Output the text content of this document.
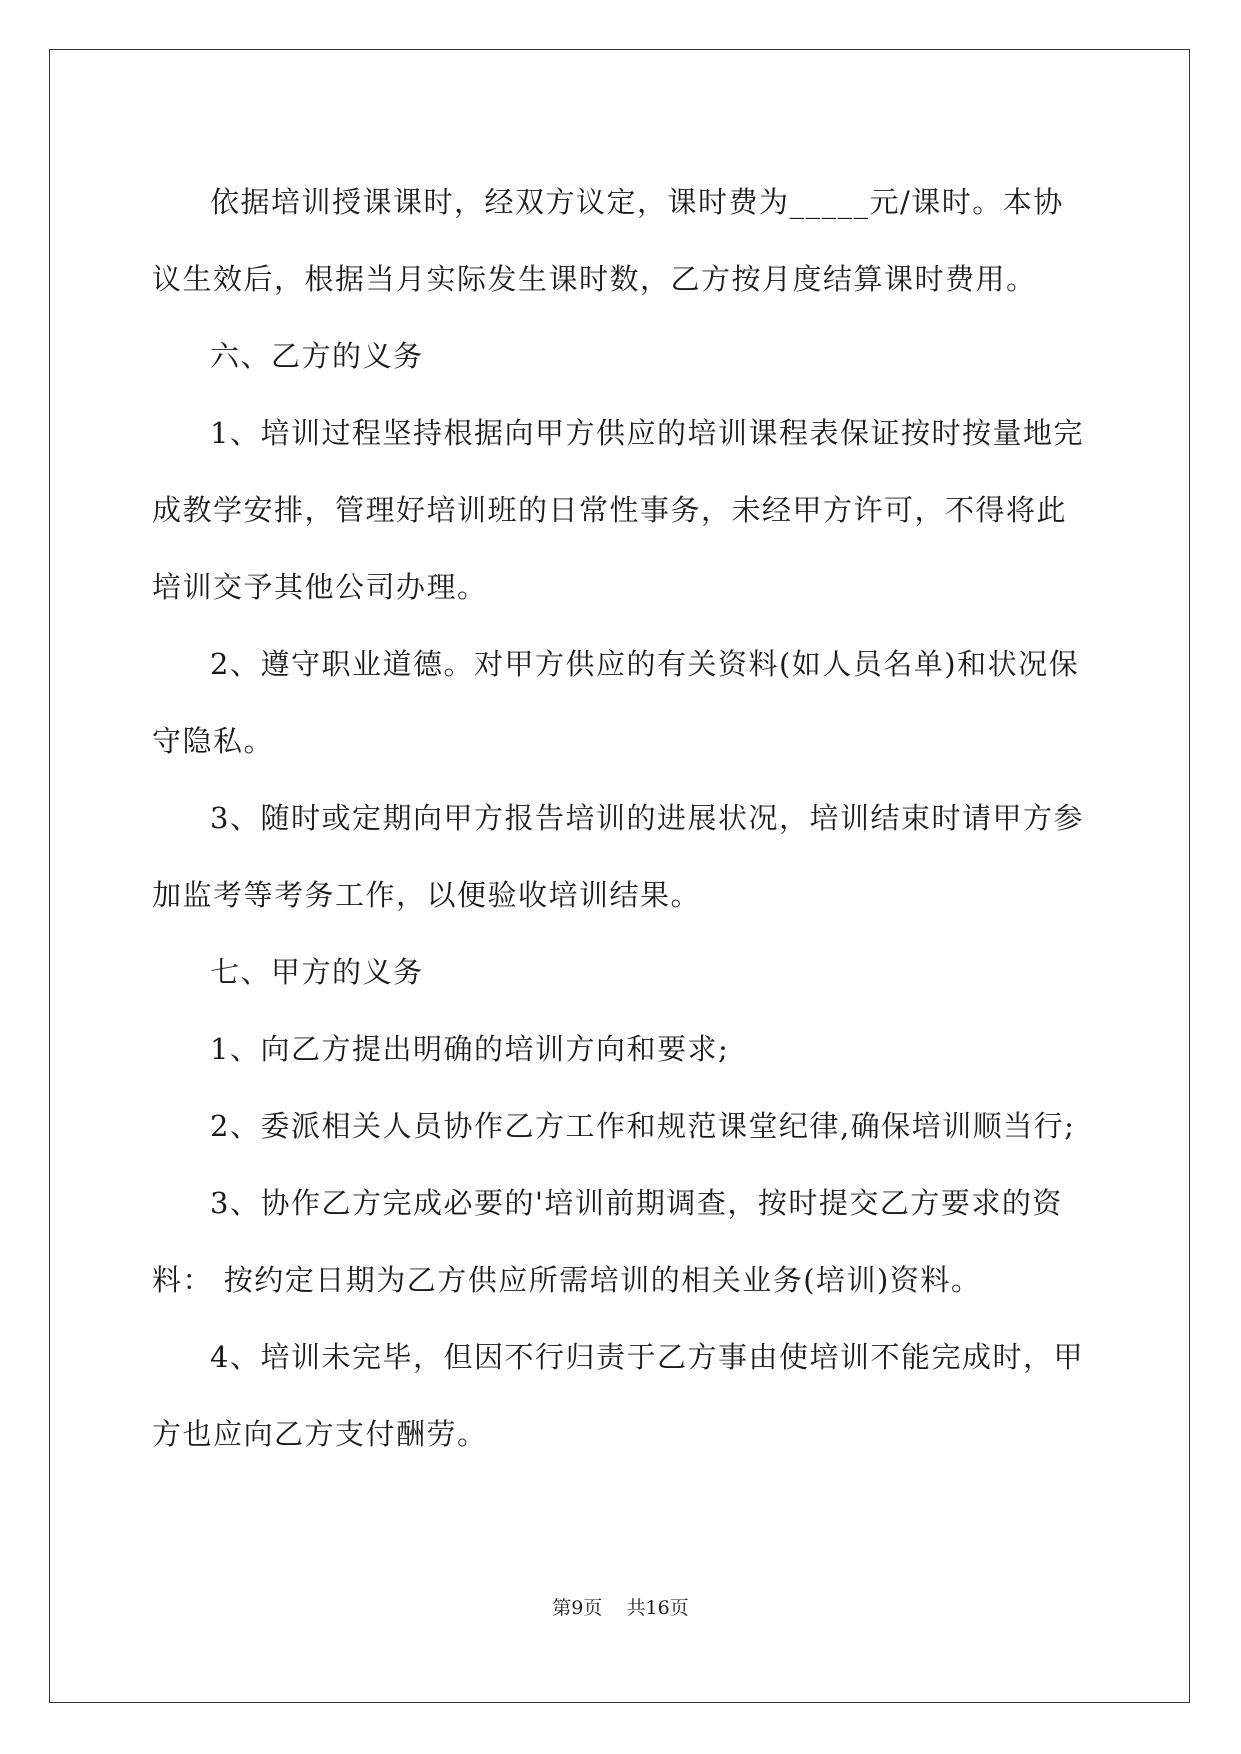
依据培训授课课时，经双方议定，课时费为_____元/课时。本协议生效后，根据当月实际发生课时数，乙方按月度结算课时费用。

六、乙方的义务

1、培训过程坚持根据向甲方供应的培训课程表保证按时按量地完成教学安排，管理好培训班的日常性事务，未经甲方许可，不得将此培训交予其他公司办理。

2、遵守职业道德。对甲方供应的有关资料(如人员名单)和状况保守隐私。

3、随时或定期向甲方报告培训的进展状况，培训结束时请甲方参加监考等考务工作，以便验收培训结果。

七、甲方的义务

1、向乙方提出明确的培训方向和要求;

2、委派相关人员协作乙方工作和规范课堂纪律,确保培训顺当行;

3、协作乙方完成必要的'培训前期调查，按时提交乙方要求的资料： 按约定日期为乙方供应所需培训的相关业务(培训)资料。

4、培训未完毕，但因不行归责于乙方事由使培训不能完成时，甲方也应向乙方支付酬劳。

第9页 共16页
